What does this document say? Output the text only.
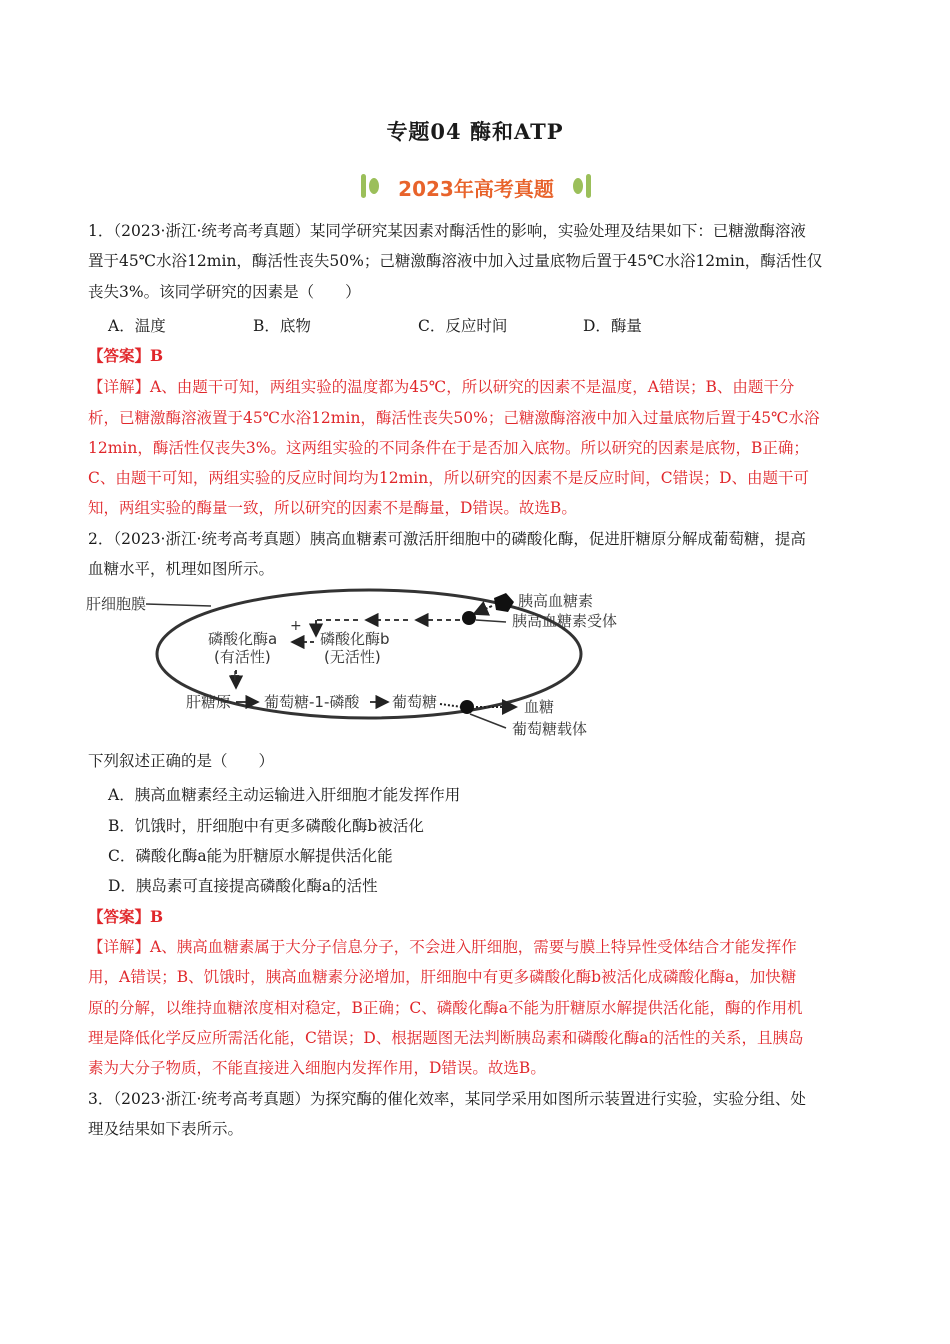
专题04 酶和ATP
2023年高考真题
1．（2023·浙江·统考高考真题）某同学研究某因素对酶活性的影响，实验处理及结果如下：已糖激酶溶液
置于45℃水浴12min，酶活性丧失50%；己糖激酶溶液中加入过量底物后置于45℃水浴12min，酶活性仅
丧失3%。该同学研究的因素是（　　）
A．温度	B．底物	C．反应时间	D．酶量
【答案】B
【详解】A、由题干可知，两组实验的温度都为45℃，所以研究的因素不是温度，A错误；B、由题干分
析，已糖激酶溶液置于45℃水浴12min，酶活性丧失50%；己糖激酶溶液中加入过量底物后置于45℃水浴
12min，酶活性仅丧失3%。这两组实验的不同条件在于是否加入底物。所以研究的因素是底物，B正确；
C、由题干可知，两组实验的反应时间均为12min，所以研究的因素不是反应时间，C错误；D、由题干可
知，两组实验的酶量一致，所以研究的因素不是酶量，D错误。故选B。
2．（2023·浙江·统考高考真题）胰高血糖素可激活肝细胞中的磷酸化酶，促进肝糖原分解成葡萄糖，提高
血糖水平，机理如图所示。
肝细胞膜	胰高血糖素
胰高血糖素受体
+
磷酸化酶a
(有活性)
磷酸化酶b
(无活性)
+
肝糖原 葡萄糖-1-磷酸 葡萄糖	血糖
葡萄糖载体
下列叙述正确的是（　　）
A．胰高血糖素经主动运输进入肝细胞才能发挥作用
B．饥饿时，肝细胞中有更多磷酸化酶b被活化
C．磷酸化酶a能为肝糖原水解提供活化能
D．胰岛素可直接提高磷酸化酶a的活性
【答案】B
【详解】A、胰高血糖素属于大分子信息分子，不会进入肝细胞，需要与膜上特异性受体结合才能发挥作
用，A错误；B、饥饿时，胰高血糖素分泌增加，肝细胞中有更多磷酸化酶b被活化成磷酸化酶a，加快糖
原的分解，以维持血糖浓度相对稳定，B正确；C、磷酸化酶a不能为肝糖原水解提供活化能，酶的作用机
理是降低化学反应所需活化能，C错误；D、根据题图无法判断胰岛素和磷酸化酶a的活性的关系，且胰岛
素为大分子物质，不能直接进入细胞内发挥作用，D错误。故选B。
3．（2023·浙江·统考高考真题）为探究酶的催化效率，某同学采用如图所示装置进行实验，实验分组、处
理及结果如下表所示。
